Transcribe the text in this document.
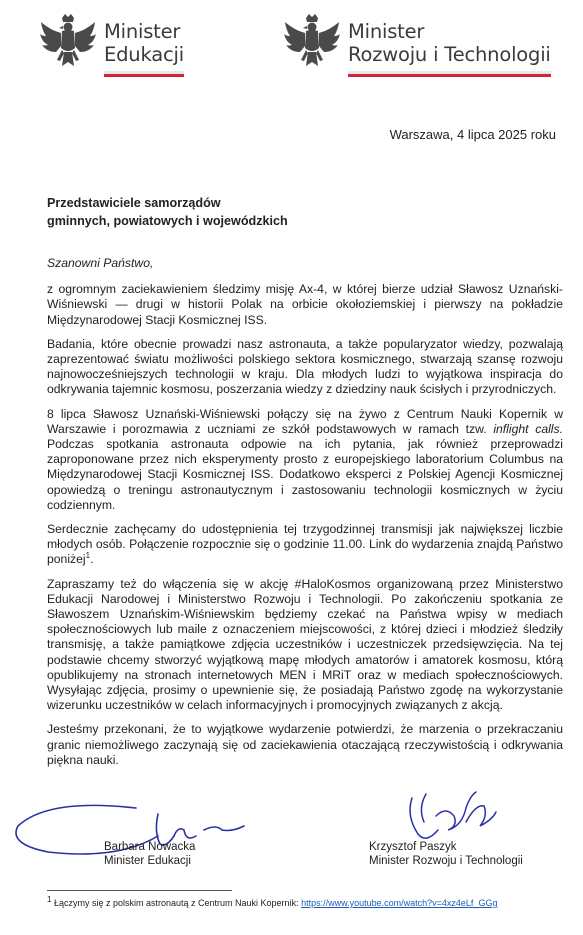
Minister
Edukacji
Minister
Rozwoju i Technologii
Warszawa, 4 lipca 2025 roku
Przedstawiciele samorządów
gminnych, powiatowych i wojewódzkich

Szanowni Państwo,

z ogromnym zaciekawieniem śledzimy misję Ax-4, w której bierze udział Sławosz Uznański-Wiśniewski — drugi w historii Polak na orbicie okołoziemskiej i pierwszy na pokładzie Międzynarodowej Stacji Kosmicznej ISS.

Badania, które obecnie prowadzi nasz astronauta, a także popularyzator wiedzy, pozwalają zaprezentować światu możliwości polskiego sektora kosmicznego, stwarzają szansę rozwoju najnowocześniejszych technologii w kraju. Dla młodych ludzi to wyjątkowa inspiracja do odkrywania tajemnic kosmosu, poszerzania wiedzy z dziedziny nauk ścisłych i przyrodniczych.

8 lipca Sławosz Uznański-Wiśniewski połączy się na żywo z Centrum Nauki Kopernik w Warszawie i porozmawia z uczniami ze szkół podstawowych w ramach tzw. inflight calls. Podczas spotkania astronauta odpowie na ich pytania, jak również przeprowadzi zaproponowane przez nich eksperymenty prosto z europejskiego laboratorium Columbus na Międzynarodowej Stacji Kosmicznej ISS. Dodatkowo eksperci z Polskiej Agencji Kosmicznej opowiedzą o treningu astronautycznym i zastosowaniu technologii kosmicznych w życiu codziennym.

Serdecznie zachęcamy do udostępnienia tej trzygodzinnej transmisji jak największej liczbie młodych osób. Połączenie rozpocznie się o godzinie 11.00. Link do wydarzenia znajdą Państwo poniżej$^1$.

Zapraszamy też do włączenia się w akcję #HaloKosmos organizowaną przez Ministerstwo Edukacji Narodowej i Ministerstwo Rozwoju i Technologii. Po zakończeniu spotkania ze Sławoszem Uznańskim-Wiśniewskim będziemy czekać na Państwa wpisy w mediach społecznościowych lub maile z oznaczeniem miejscowości, z której dzieci i młodzież śledziły transmisję, a także pamiątkowe zdjęcia uczestników i uczestniczek przedsięwzięcia. Na tej podstawie chcemy stworzyć wyjątkową mapę młodych amatorów i amatorek kosmosu, którą opublikujemy na stronach internetowych MEN i MRiT oraz w mediach społecznościowych. Wysyłając zdjęcia, prosimy o upewnienie się, że posiadają Państwo zgodę na wykorzystanie wizerunku uczestników w celach informacyjnych i promocyjnych związanych z akcją.

Jesteśmy przekonani, że to wyjątkowe wydarzenie potwierdzi, że marzenia o przekraczaniu granic niemożliwego zaczynają się od zaciekawienia otaczającą rzeczywistością i odkrywania piękna nauki.

Barbara Nowacka
Minister Edukacji
Krzysztof Paszyk
Minister Rozwoju i Technologii
$^1$ Łączymy się z polskim astronautą z Centrum Nauki Kopernik: https://www.youtube.com/watch?v=4xz4eLf_GGg
